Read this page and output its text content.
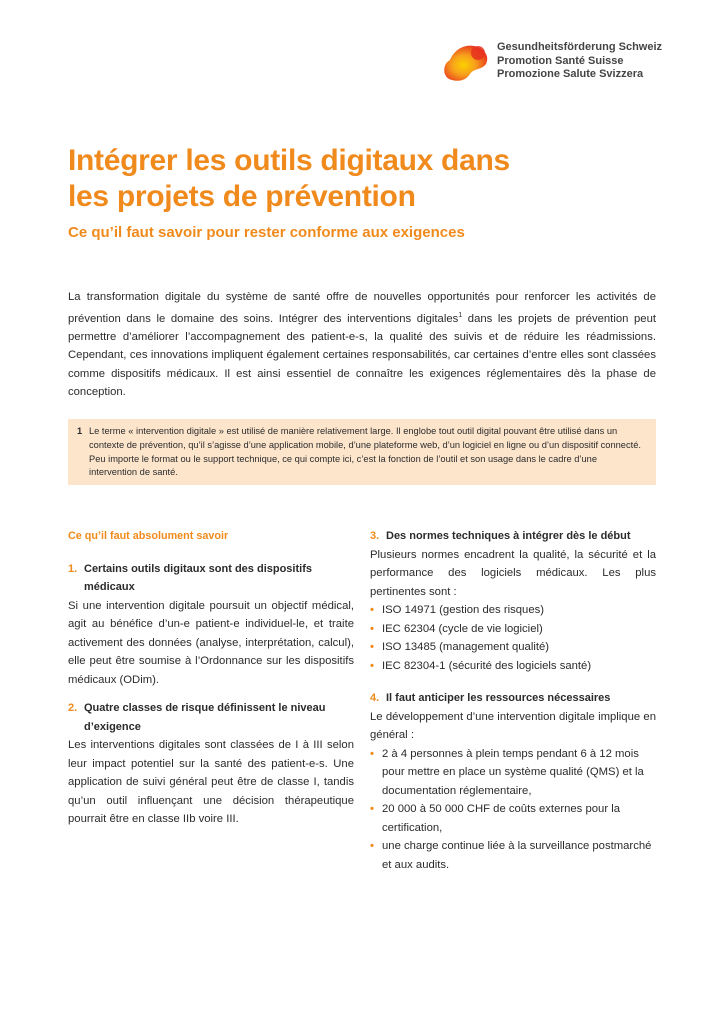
Gesundheitsförderung Schweiz
Promotion Santé Suisse
Promozione Salute Svizzera
Intégrer les outils digitaux dans
les projets de prévention
Ce qu’il faut savoir pour rester conforme aux exigences
La transformation digitale du système de santé offre de nouvelles opportunités pour renforcer les activités de prévention dans le domaine des soins. Intégrer des interventions digitales$^1$ dans les projets de prévention peut permettre d’améliorer l’accompagnement des patient-e-s, la qualité des suivis et de réduire les réadmissions. Cependant, ces innovations impliquent également certaines responsabilités, car certaines d’entre elles sont classées comme dispositifs médicaux. Il est ainsi essentiel de connaître les exigences réglementaires dès la phase de conception.
1 Le terme « intervention digitale » est utilisé de manière relativement large. Il englobe tout outil digital pouvant être utilisé dans un contexte de prévention, qu’il s’agisse d’une application mobile, d’une plateforme web, d’un logiciel en ligne ou d’un dispositif connecté. Peu importe le format ou le support technique, ce qui compte ici, c’est la fonction de l’outil et son usage dans le cadre d’une intervention de santé.
Ce qu’il faut absolument savoir
1. Certains outils digitaux sont des dispositifs médicaux
Si une intervention digitale poursuit un objectif médical, agit au bénéfice d’un-e patient-e individuel-le, et traite activement des données (analyse, interprétation, calcul), elle peut être soumise à l’Ordonnance sur les dispositifs médicaux (ODim).
2. Quatre classes de risque définissent le niveau d’exigence
Les interventions digitales sont classées de I à III selon leur impact potentiel sur la santé des patient-e-s. Une application de suivi général peut être de classe I, tandis qu’un outil influençant une décision thérapeutique pourrait être en classe IIb voire III.
3. Des normes techniques à intégrer dès le début
Plusieurs normes encadrent la qualité, la sécurité et la performance des logiciels médicaux. Les plus pertinentes sont :
• ISO 14971 (gestion des risques)
• IEC 62304 (cycle de vie logiciel)
• ISO 13485 (management qualité)
• IEC 82304-1 (sécurité des logiciels santé)
4. Il faut anticiper les ressources nécessaires
Le développement d’une intervention digitale implique en général :
• 2 à 4 personnes à plein temps pendant 6 à 12 mois pour mettre en place un système qualité (QMS) et la documentation réglementaire,
• 20 000 à 50 000 CHF de coûts externes pour la certification,
• une charge continue liée à la surveillance postmarché et aux audits.
